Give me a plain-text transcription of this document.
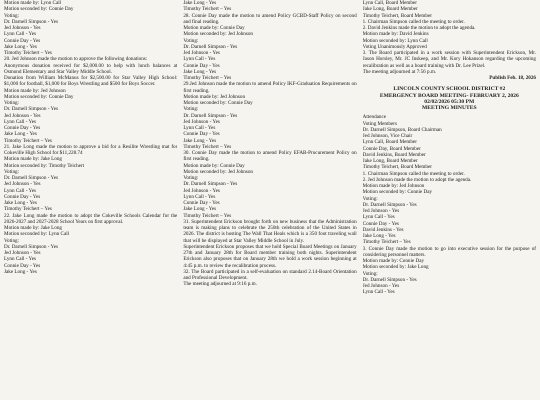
Motion made by: Lynn Call
Motion seconded by: Connie Day
Voting:
Dr. Darnell Simpson - Yes
Jed Johnson - Yes
Lynn Call - Yes
Connie Day - Yes
Jake Long - Yes
Timothy Teichert – Yes
20. Jed Johnson made the motion to approve the following donations:
Anonymous donation received for $2,000.00 to help with lunch balances at Osmond Elementary and Star Valley Middle School.
Donation from William McManus for $2,500.00 for Star Valley High School: $1,000 for football, $1,000 for Boys Wrestling and $500 for Boys Soccer.
Motion made by: Jed Johnson
Motion seconded by: Connie Day
Voting:
Dr. Darnell Simpson - Yes
Jed Johnson - Yes
Lynn Call - Yes
Connie Day - Yes
Jake Long - Yes
Timothy Teichert – Yes
21. Jake Long made the motion to approve a bid for a Resilite Wrestling mat for Cokeville High School for $11,228.74
Motion made by: Jake Long
Motion seconded by: Timothy Teichert
Voting:
Dr. Darnell Simpson - Yes
Jed Johnson - Yes
Lynn Call - Yes
Connie Day - Yes
Jake Long - Yes
Timothy Teichert – Yes
22. Jake Long made the motion to adopt the Cokeville Schools Calendar for the 2026-2027 and 2027-2028 School Years on first approval.
Motion made by: Jake Long
Motion seconded by: Lynn Call
Voting:
Dr. Darnell Simpson - Yes
Jed Johnson - Yes
Lynn Call - Yes
Connie Day - Yes
Jake Long - Yes
Jake Long - Yes
Timothy Teichert – Yes
28. Connie Day made the motion to amend Policy GCBD-Staff Policy on second and final reading.
Motion made by: Connie Day
Motion seconded by: Jed Johnson
Voting:
Dr. Darnell Simpson - Yes
Jed Johnson - Yes
Lynn Call - Yes
Connie Day - Yes
Jake Long - Yes
Timothy Teichert – Yes
29.Jed Johnson made the motion to amend Policy IKF-Graduation Requirements on first reading.
Motion made by: Jed Johnson
Motion seconded by: Connie Day
Voting:
Dr. Darnell Simpson - Yes
Jed Johnson - Yes
Lynn Call - Yes
Connie Day - Yes
Jake Long - Yes
Timothy Teichert – Yes
30. Connie Day made the motion to amend Policy EFAB-Procurement Policy on first reading.
Motion made by: Connie Day
Motion seconded by: Jed Johnson
Voting:
Dr. Darnell Simpson - Yes
Jed Johnson - Yes
Lynn Call - Yes
Connie Day - Yes
Jake Long - Yes
Timothy Teichert – Yes
31. Superintendent Erickson brought forth on new business that the Administration team is making plans to celebrate the 250th celebration of the United States in 2026. The district is hosting The Wall That Heals which is a 350 foot traveling wall that will be displayed at Star Valley Middle School in July.
Superintendent Erickson proposes that we hold Special Board Meetings on January 27th and January 28th for Board member training both nights. Superintendent Erickson also proposes that on January 28th we hold a work session beginning at 4:45 p.m. to review the recalibration process.
32. The Board participated in a self-evaluation on standard 2.14-Board Orientation and Professional Development.
The meeting adjourned at 9:16 p.m.
Lynn Call, Board Member
Jake Long, Board Member
Timothy Teichert, Board Member
1. Chairman Simpson called the meeting to order.
2. David Jenkins made the motion to adopt the agenda.
Motion made by: David Jenkins
Motion seconded by: Lynn Call
Voting Unanimously Approved
3. The Board participated in a work session with Superintendent Erickson, Mr. Jason Horsley, Mr. JC Inskeep, and Mr. Kory Hokanson regarding the upcoming recalibration as well as a board training with Dr. Lee Prizel.
The meeting adjourned at 7:56 p.m.
Publish Feb. 18, 2026
LINCOLN COUNTY SCHOOL DISTRICT #2
EMERGENCY BOARD MEETING- FEBRUARY 2, 2026
02/02/2026 05:30 PM
MEETING MINUTES
Attendance
Voting Members
Dr. Darnell Simpson, Board Chairman
Jed Johnson, Vice Chair
Lynn Call, Board Member
Connie Day, Board Member
David Jenkins, Board Member
Jake Long, Board Member
Timothy Teichert, Board Member
1. Chairman Simpson called the meeting to order.
2. Jed Johnson made the motion to adopt the agenda.
Motion made by: Jed Johnson
Motion seconded by: Connie Day
Voting:
Dr. Darnell Simpson - Yes
Jed Johnson - Yes
Lynn Call - Yes
Connie Day - Yes
David Jenkins - Yes
Jake Long - Yes
Timothy Teichert – Yes
3. Connie Day made the motion to go into executive session for the purpose of considering personnel matters.
Motion made by: Connie Day
Motion seconded by: Jake Long
Voting:
Dr. Darnell Simpson - Yes
Jed Johnson - Yes
Lynn Call - Yes
